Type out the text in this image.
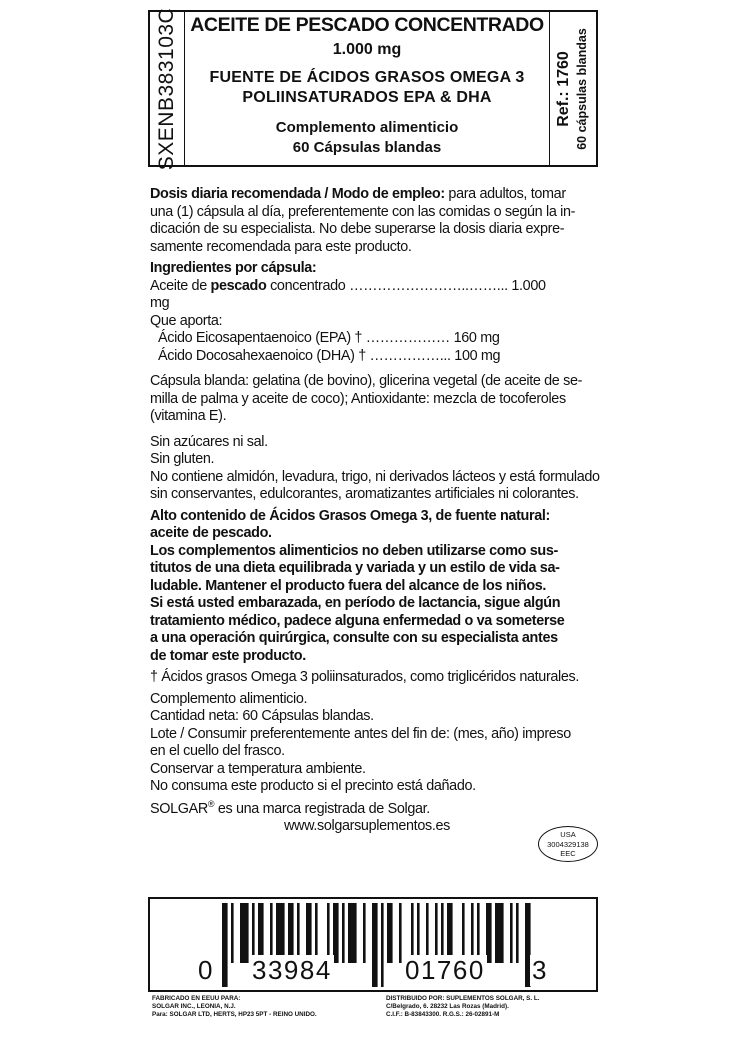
SXENB383103C ACEITE DE PESCADO CONCENTRADO
1.000 mg
FUENTE DE ÁCIDOS GRASOS OMEGA 3
POLIINSATURADOS EPA & DHA
Complemento alimenticio
60 Cápsulas blandas
Ref.: 1760 60 cápsulas blandas

Dosis diaria recomendada / Modo de empleo: para adultos, tomar

una (1) cápsula al día, preferentemente con las comidas o según la in-

dicación de su especialista. No debe superarse la dosis diaria expre-

samente recomendada para este producto.

Ingredientes por cápsula:

Aceite de pescado concentrado ……………………..……... 1.000

mg

Que aporta:

Ácido Eicosapentaenoico (EPA) † ……………… 160 mg

Ácido Docosahexaenoico (DHA) † ……………... 100 mg

Cápsula blanda: gelatina (de bovino), glicerina vegetal (de aceite de se-

milla de palma y aceite de coco); Antioxidante: mezcla de tocoferoles

(vitamina E).

Sin azúcares ni sal.

Sin gluten.

No contiene almidón, levadura, trigo, ni derivados lácteos y está formulado

sin conservantes, edulcorantes, aromatizantes artificiales ni colorantes.

Alto contenido de Ácidos Grasos Omega 3, de fuente natural:

aceite de pescado.

Los complementos alimenticios no deben utilizarse como sus-

titutos de una dieta equilibrada y variada y un estilo de vida sa-

ludable. Mantener el producto fuera del alcance de los niños.

Si está usted embarazada, en período de lactancia, sigue algún

tratamiento médico, padece alguna enfermedad o va someterse

a una operación quirúrgica, consulte con su especialista antes

de tomar este producto.

† Ácidos grasos Omega 3 poliinsaturados, como triglicéridos naturales.

Complemento alimenticio.

Cantidad neta: 60 Cápsulas blandas.

Lote / Consumir preferentemente antes del fin de: (mes, año) impreso

en el cuello del frasco.

Conservar a temperatura ambiente.

No consuma este producto si el precinto está dañado.

SOLGAR® es una marca registrada de Solgar.

www.solgarsuplementos.es

USA
3004329138
EEC
0 33984	01760 3
FABRICADO EN EEUU PARA:
SOLGAR INC., LEONIA, N.J.
Para: SOLGAR LTD, HERTS, HP23 5PT - REINO UNIDO.
DISTRIBUIDO POR: SUPLEMENTOS SOLGAR, S. L.
C/Belgrado, 6. 28232 Las Rozas (Madrid).
C.I.F.: B-83843300. R.G.S.: 26-02891-M
